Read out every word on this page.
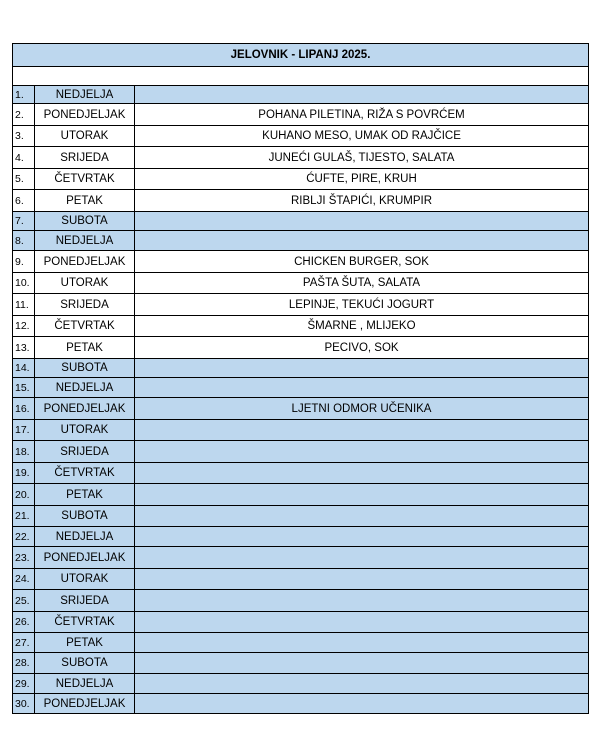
JELOVNIK - LIPANJ 2025.		

1.	NEDJELJA	
2.	PONEDJELJAK	POHANA PILETINA, RIŽA S POVRĆEM
3.	UTORAK	KUHANO MESO, UMAK OD RAJČICE
4.	SRIJEDA	JUNEĆI GULAŠ, TIJESTO, SALATA
5.	ČETVRTAK	ĆUFTE, PIRE, KRUH
6.	PETAK	RIBLJI ŠTAPIĆI, KRUMPIR
7.	SUBOTA	
8.	NEDJELJA	
9.	PONEDJELJAK	CHICKEN BURGER, SOK
10.	UTORAK	PAŠTA ŠUTA, SALATA
11.	SRIJEDA	LEPINJE, TEKUĆI JOGURT
12.	ČETVRTAK	ŠMARNE , MLIJEKO
13.	PETAK	PECIVO, SOK
14.	SUBOTA	
15.	NEDJELJA	
16.	PONEDJELJAK	LJETNI ODMOR UČENIKA
17.	UTORAK	
18.	SRIJEDA	
19.	ČETVRTAK	
20.	PETAK	
21.	SUBOTA	
22.	NEDJELJA	
23.	PONEDJELJAK	
24.	UTORAK	
25.	SRIJEDA	
26.	ČETVRTAK	
27.	PETAK	
28.	SUBOTA	
29.	NEDJELJA	
30.	PONEDJELJAK	
